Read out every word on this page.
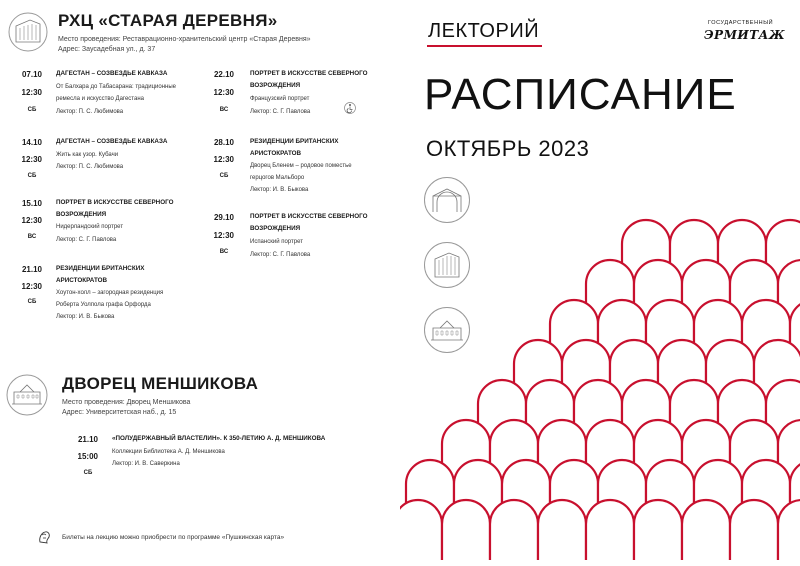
РХЦ «СТАРАЯ ДЕРЕВНЯ»
Место проведения: Реставрационно-хранительский центр «Старая Деревня»
Адрес: Заусадебная ул., д. 37
07.10
12:30
СБ
ДАГЕСТАН – СОЗВЕЗДЬЕ КАВКАЗА
От Балхара до Табасарана: традиционные
ремесла и искусство Дагестана
Лектор: П. С. Любимова
14.10
12:30
СБ
ДАГЕСТАН – СОЗВЕЗДЬЕ КАВКАЗА
Жить как узор. Кубачи
Лектор: П. С. Любимова
15.10
12:30
ВС
ПОРТРЕТ В ИСКУССТВЕ СЕВЕРНОГО
ВОЗРОЖДЕНИЯ
Нидерландский портрет
Лектор: С. Г. Павлова
21.10
12:30
СБ
РЕЗИДЕНЦИИ БРИТАНСКИХ
АРИСТОКРАТОВ
Хоутон-холл – загородная резиденция
Роберта Уолпола графа Орфорда
Лектор: И. В. Быкова
22.10
12:30
ВС
ПОРТРЕТ В ИСКУССТВЕ СЕВЕРНОГО
ВОЗРОЖДЕНИЯ
Французский портрет
Лектор: С. Г. Павлова
28.10
12:30
СБ
РЕЗИДЕНЦИИ БРИТАНСКИХ
АРИСТОКРАТОВ
Дворец Бленем – родовое поместье
герцогов Мальборо
Лектор: И. В. Быкова
29.10
12:30
ВС
ПОРТРЕТ В ИСКУССТВЕ СЕВЕРНОГО
ВОЗРОЖДЕНИЯ
Испанский портрет
Лектор: С. Г. Павлова
ДВОРЕЦ МЕНШИКОВА
Место проведения: Дворец Меншикова
Адрес: Университетская наб., д. 15
21.10
15:00
СБ
«ПОЛУДЕРЖАВНЫЙ ВЛАСТЕЛИН». К 350-ЛЕТИЮ А. Д. МЕНШИКОВА
Коллекции Библиотека А. Д. Меншикова
Лектор: И. В. Саверкина
Билеты на лекцию можно приобрести по программе «Пушкинская карта»
ЛЕКТОРИЙ	ГОСУДАРСТВЕННЫЙ
ЭРМИТАЖ
РАСПИСАНИЕ
ОКТЯБРЬ 2023
